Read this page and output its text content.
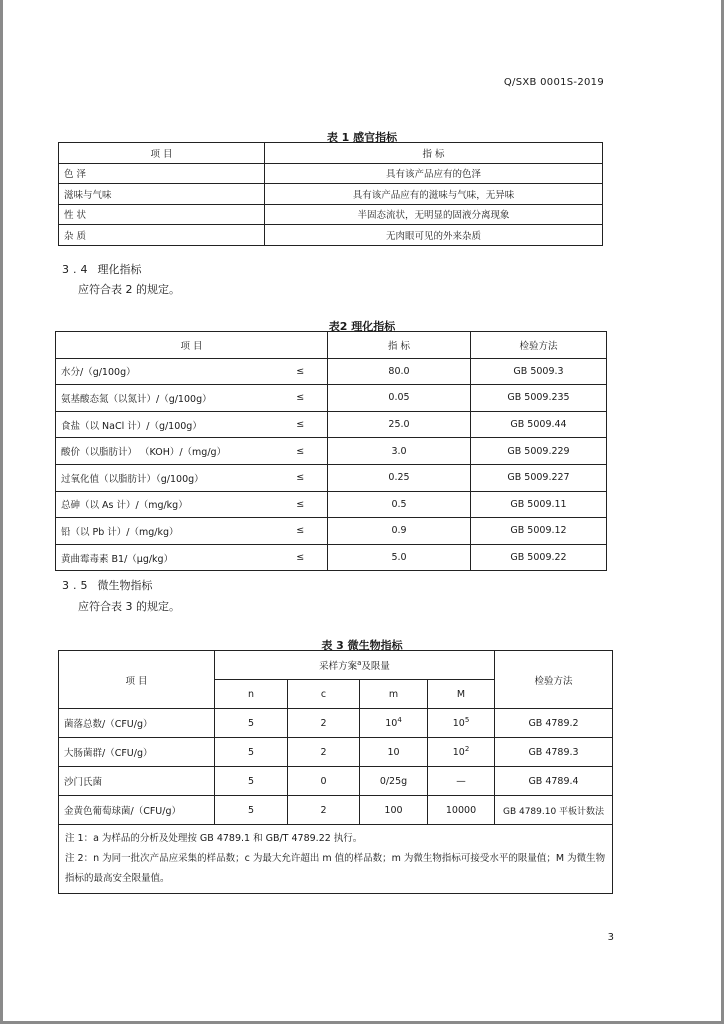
Q/SXB 0001S-2019
表 1 感官指标
项 目	指 标
色 泽	具有该产品应有的色泽
滋味与气味	具有该产品应有的滋味与气味，无异味
性 状	半固态流状，无明显的固液分离现象
杂 质	无肉眼可见的外来杂质
3.4 理化指标
应符合表 2 的规定。
表2 理化指标
项 目		指 标	检验方法
水分/（g/100g）	≤	80.0	GB 5009.3
氨基酸态氮（以氮计）/（g/100g）	≤	0.05	GB 5009.235
食盐（以 NaCl 计）/（g/100g）	≤	25.0	GB 5009.44
酸价（以脂肪计） （KOH）/（mg/g）	≤	3.0	GB 5009.229
过氧化值（以脂肪计）（g/100g）	≤	0.25	GB 5009.227
总砷（以 As 计）/（mg/kg）	≤	0.5	GB 5009.11
铅（以 Pb 计）/（mg/kg）	≤	0.9	GB 5009.12
黄曲霉毒素 B1/（μg/kg）	≤	5.0	GB 5009.22
3.5 微生物指标
应符合表 3 的规定。
表 3 微生物指标
项 目	采样方案$^a$及限量				检验方法
	n	c	m	M	
菌落总数/（CFU/g）	5	2	$10^4$	$10^5$	GB 4789.2
大肠菌群/（CFU/g）	5	2	10	$10^2$	GB 4789.3
沙门氏菌	5	0	0/25g	—	GB 4789.4
金黄色葡萄球菌/（CFU/g）	5	2	100	10000	GB 4789.10 平板计数法

注 1：a 为样品的分析及处理按 GB 4789.1 和 GB/T 4789.22 执行。
注 2：n 为同一批次产品应采集的样品数；c 为最大允许超出 m 值的样品数；m 为微生物指标可接受水平的限量值；M 为微生物指标的最高安全限量值。					
3
